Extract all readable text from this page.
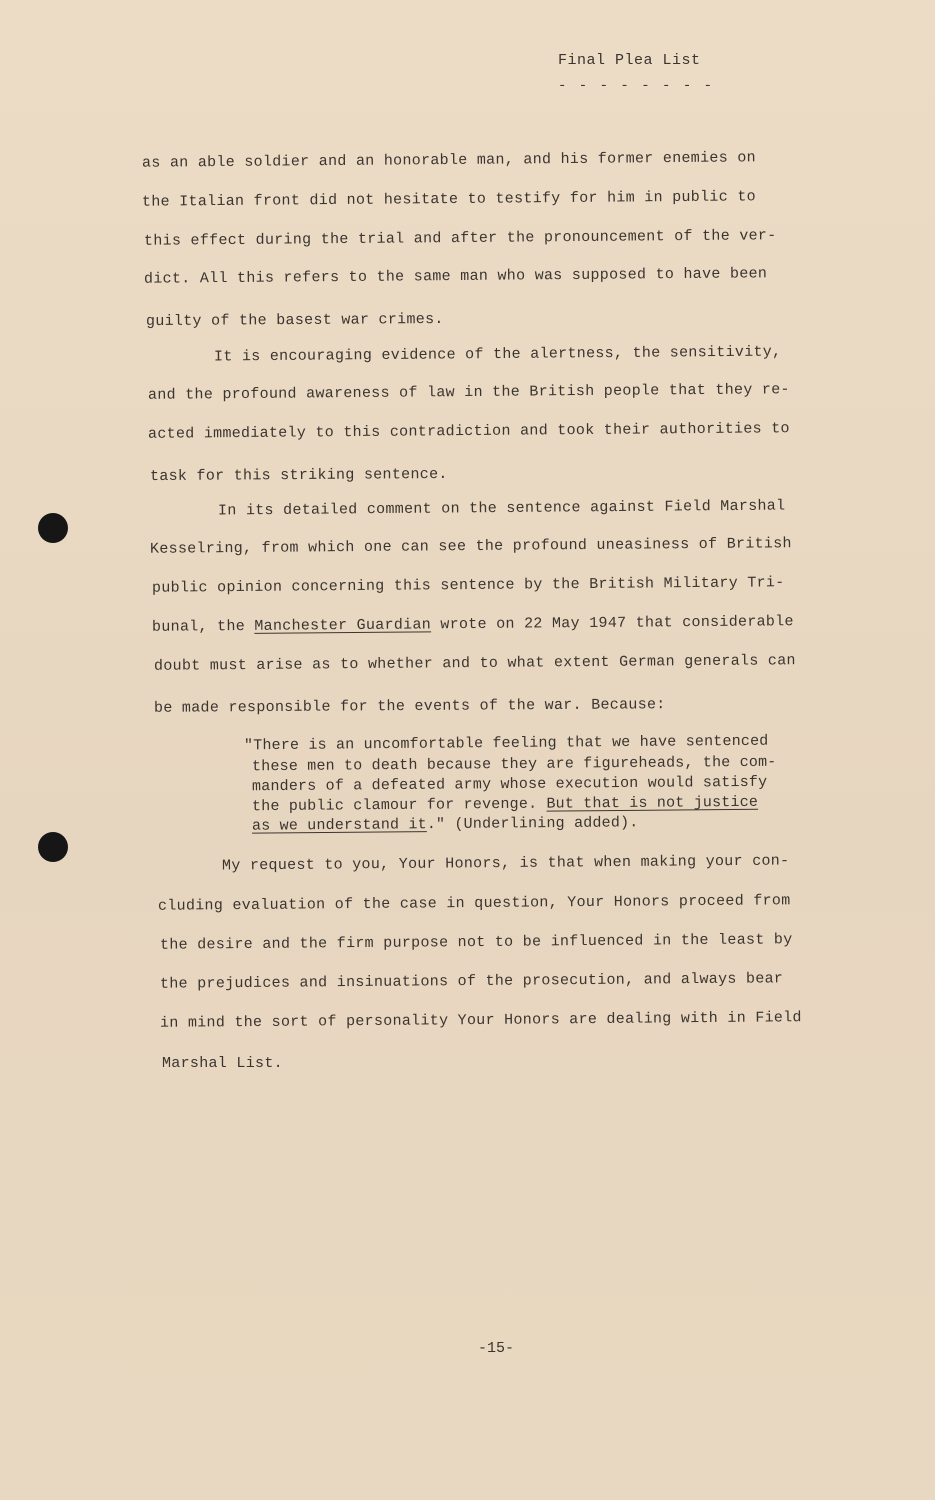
Final Plea List
- - - - - - - -
as an able soldier and an honorable man, and his former enemies on
the Italian front did not hesitate to testify for him in public to
this effect during the trial and after the pronouncement of the ver-
dict. All this refers to the same man who was supposed to have been
guilty of the basest war crimes.
It is encouraging evidence of the alertness, the sensitivity,
and the profound awareness of law in the British people that they re-
acted immediately to this contradiction and took their authorities to
task for this striking sentence.
In its detailed comment on the sentence against Field Marshal
Kesselring, from which one can see the profound uneasiness of British
public opinion concerning this sentence by the British Military Tri-
bunal, the Manchester Guardian wrote on 22 May 1947 that considerable
doubt must arise as to whether and to what extent German generals can
be made responsible for the events of the war. Because:
"There is an uncomfortable feeling that we have sentenced
these men to death because they are figureheads, the com-
manders of a defeated army whose execution would satisfy
the public clamour for revenge. But that is not justice
as we understand it." (Underlining added).
My request to you, Your Honors, is that when making your con-
cluding evaluation of the case in question, Your Honors proceed from
the desire and the firm purpose not to be influenced in the least by
the prejudices and insinuations of the prosecution, and always bear
in mind the sort of personality Your Honors are dealing with in Field
Marshal List.
-15-
